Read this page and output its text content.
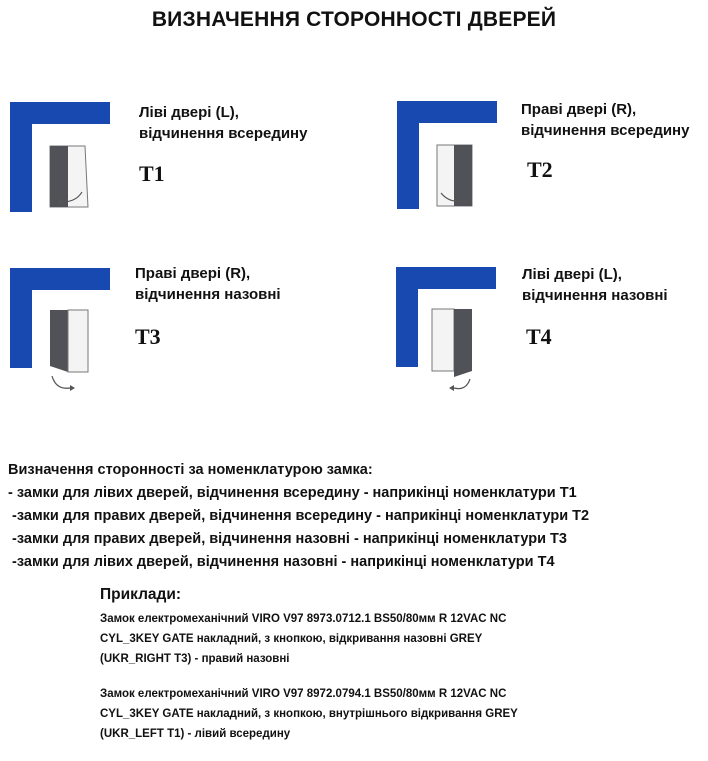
ВИЗНАЧЕННЯ СТОРОННОСТІ ДВЕРЕЙ
Ліві двері (L),
відчинення всередину
T1
Праві двері (R),
відчинення всередину
T2
Праві двері (R),
відчинення назовні
T3
Ліві двері (L),
відчинення назовні
T4
Визначення сторонності за номенклатурою замка:
- замки для лівих дверей, відчинення всередину - наприкінці номенклатури T1
-замки для правих дверей, відчинення всередину - наприкінці номенклатури T2
-замки для правих дверей, відчинення назовні - наприкінці номенклатури T3
-замки для лівих дверей, відчинення назовні - наприкінці номенклатури T4
Приклади:
Замок електромеханічний VIRO V97 8973.0712.1 BS50/80мм R 12VAC NC
CYL_3KEY GATE накладний, з кнопкою, відкривання назовні GREY
(UKR_RIGHT T3) - правий назовні
Замок електромеханічний VIRO V97 8972.0794.1 BS50/80мм R 12VAC NC
CYL_3KEY GATE накладний, з кнопкою, внутрішнього відкривання GREY
(UKR_LEFT T1) - лівий всередину
